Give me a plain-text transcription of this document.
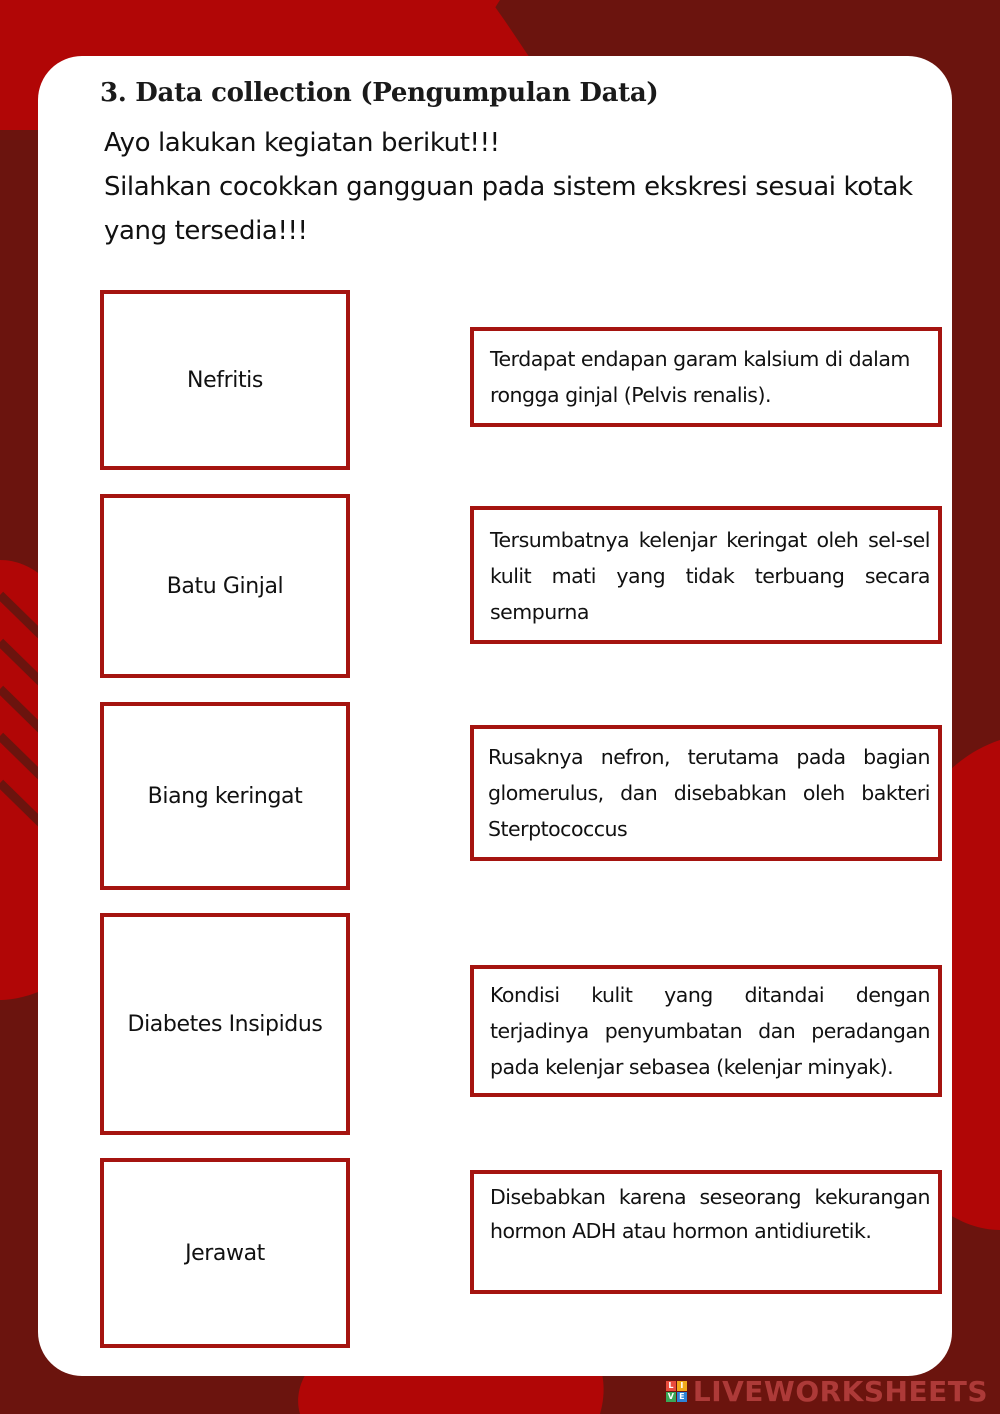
3. Data collection (Pengumpulan Data)

Ayo lakukan kegiatan berikut!!!

Silahkan cocokkan gangguan pada sistem ekskresi sesuai kotak

yang tersedia!!!

Nefritis
Batu Ginjal
Biang keringat
Diabetes Insipidus
Jerawat
Terdapat endapan garam kalsium di dalam rongga ginjal (Pelvis renalis).
Tersumbatnya kelenjar keringat oleh sel-sel kulit mati yang tidak terbuang secara sempurna
Rusaknya nefron, terutama pada bagian glomerulus, dan disebabkan oleh bakteri Sterptococcus
Kondisi kulit yang ditandai dengan terjadinya penyumbatan dan peradangan pada kelenjar sebasea (kelenjar minyak).
Disebabkan karena seseorang kekurangan hormon ADH atau hormon antidiuretik.
L I
V E LIVEWORKSHEETS
